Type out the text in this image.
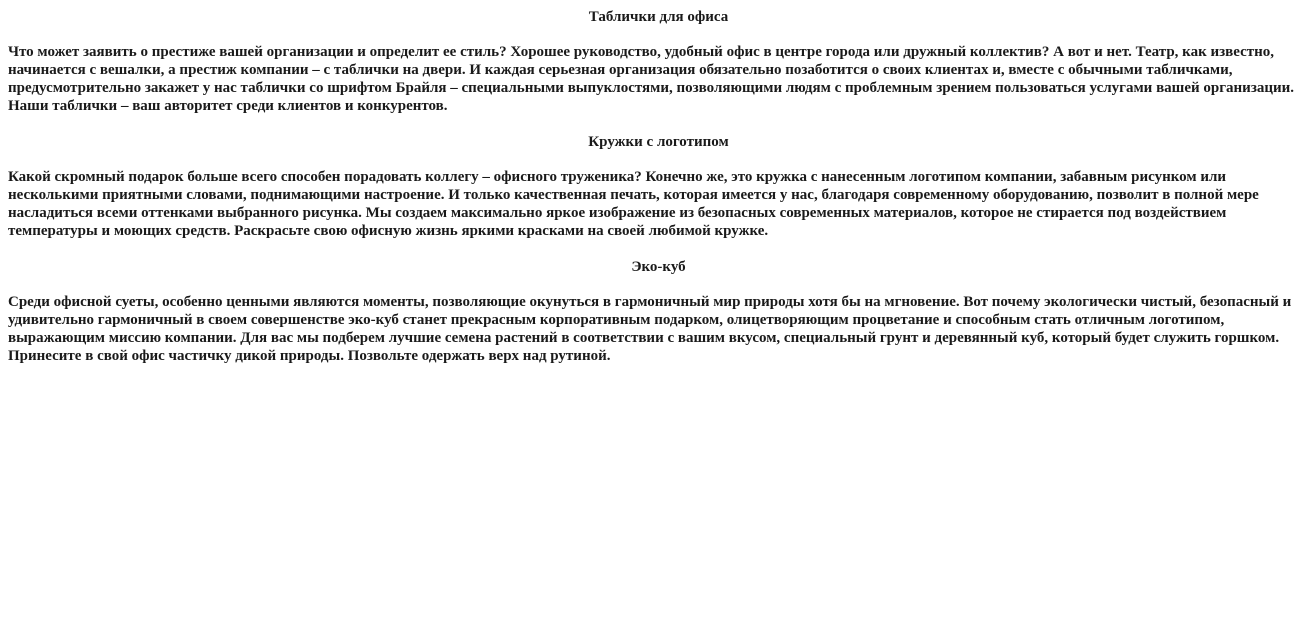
Таблички для офиса

Что может заявить о престиже вашей организации и определит ее стиль? Хорошее руководство, удобный офис в центре города или дружный коллектив? А вот и нет. Театр, как известно, начинается с вешалки, а престиж компании – с таблички на двери. И каждая серьезная организация обязательно позаботится о своих клиентах и, вместе с обычными табличками, предусмотрительно закажет у нас таблички со шрифтом Брайля – специальными выпуклостями, позволяющими людям с проблемным зрением пользоваться услугами вашей организации. Наши таблички – ваш авторитет среди клиентов и конкурентов.

Кружки с логотипом

Какой скромный подарок больше всего способен порадовать коллегу – офисного труженика? Конечно же, это кружка с нанесенным логотипом компании, забавным рисунком или несколькими приятными словами, поднимающими настроение. И только качественная печать, которая имеется у нас, благодаря современному оборудованию, позволит в полной мере насладиться всеми оттенками выбранного рисунка. Мы создаем максимально яркое изображение из безопасных современных материалов, которое не стирается под воздействием температуры и моющих средств. Раскрасьте свою офисную жизнь яркими красками на своей любимой кружке.

Эко-куб

Среди офисной суеты, особенно ценными являются моменты, позволяющие окунуться в гармоничный мир природы хотя бы на мгновение. Вот почему экологически чистый, безопасный и удивительно гармоничный в своем совершенстве эко-куб станет прекрасным корпоративным подарком, олицетворяющим процветание и способным стать отличным логотипом, выражающим миссию компании. Для вас мы подберем лучшие семена растений в соответствии с вашим вкусом, специальный грунт и деревянный куб, который будет служить горшком. Принесите в свой офис частичку дикой природы. Позвольте одержать верх над рутиной.
